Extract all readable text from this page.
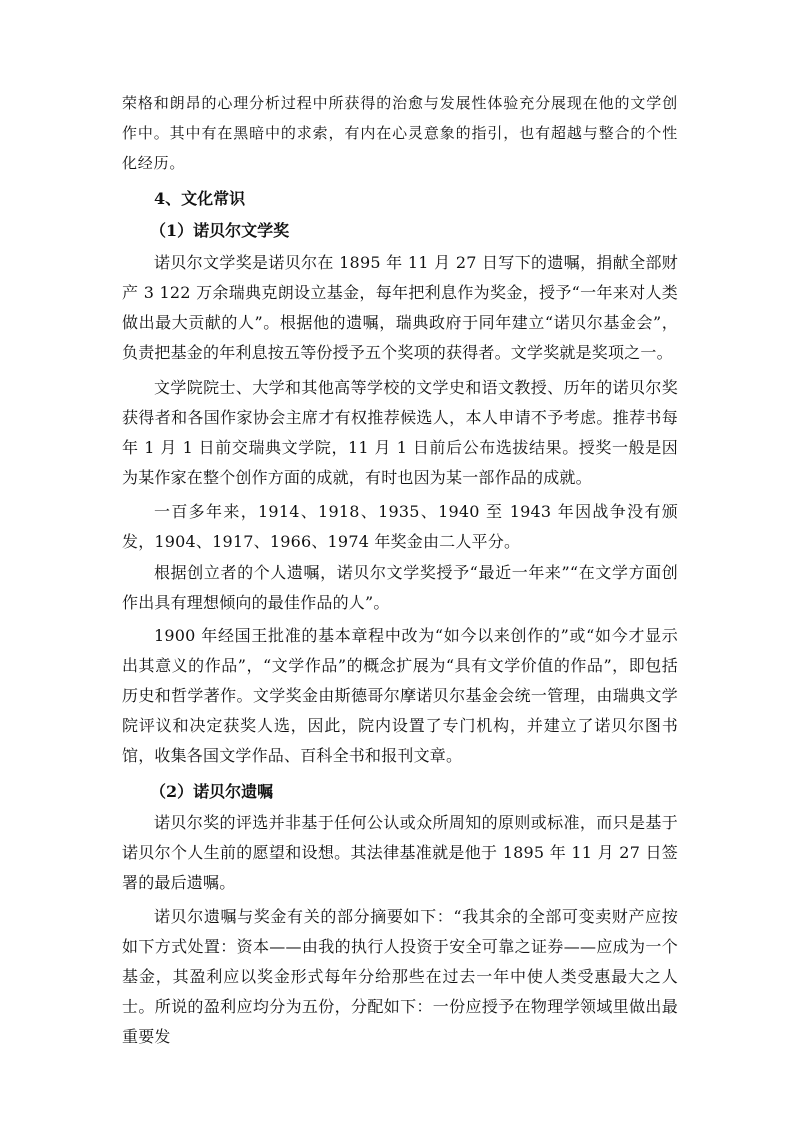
荣格和朗昂的心理分析过程中所获得的治愈与发展性体验充分展现在他的文学创作中。其中有在黑暗中的求索，有内在心灵意象的指引，也有超越与整合的个性化经历。

4、文化常识

（1）诺贝尔文学奖

诺贝尔文学奖是诺贝尔在 1895 年 11 月 27 日写下的遗嘱，捐献全部财产 3 122 万余瑞典克朗设立基金，每年把利息作为奖金，授予“一年来对人类做出最大贡献的人”。根据他的遗嘱，瑞典政府于同年建立“诺贝尔基金会”，负责把基金的年利息按五等份授予五个奖项的获得者。文学奖就是奖项之一。

文学院院士、大学和其他高等学校的文学史和语文教授、历年的诺贝尔奖获得者和各国作家协会主席才有权推荐候选人，本人申请不予考虑。推荐书每年 1 月 1 日前交瑞典文学院，11 月 1 日前后公布选拔结果。授奖一般是因为某作家在整个创作方面的成就，有时也因为某一部作品的成就。

一百多年来，1914、1918、1935、1940 至 1943 年因战争没有颁发，1904、1917、1966、1974 年奖金由二人平分。

根据创立者的个人遗嘱，诺贝尔文学奖授予“最近一年来”“在文学方面创作出具有理想倾向的最佳作品的人”。

1900 年经国王批准的基本章程中改为“如今以来创作的”或“如今才显示出其意义的作品”，“文学作品”的概念扩展为“具有文学价值的作品”，即包括历史和哲学著作。文学奖金由斯德哥尔摩诺贝尔基金会统一管理，由瑞典文学院评议和决定获奖人选，因此，院内设置了专门机构，并建立了诺贝尔图书馆，收集各国文学作品、百科全书和报刊文章。

（2）诺贝尔遗嘱

诺贝尔奖的评选并非基于任何公认或众所周知的原则或标准，而只是基于诺贝尔个人生前的愿望和设想。其法律基准就是他于 1895 年 11 月 27 日签署的最后遗嘱。

诺贝尔遗嘱与奖金有关的部分摘要如下：“我其余的全部可变卖财产应按如下方式处置：资本——由我的执行人投资于安全可靠之证券——应成为一个基金，其盈利应以奖金形式每年分给那些在过去一年中使人类受惠最大之人士。所说的盈利应均分为五份，分配如下：一份应授予在物理学领域里做出最重要发
